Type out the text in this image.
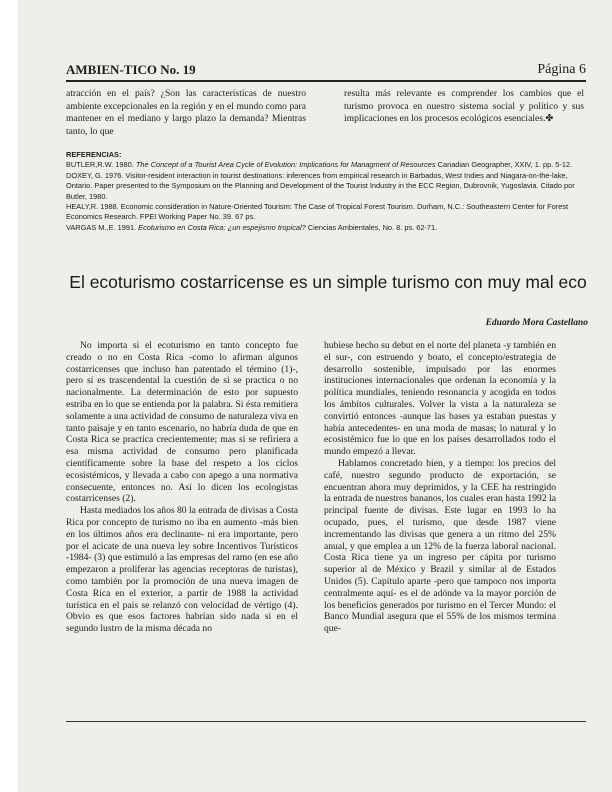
AMBIEN-TICO No. 19	Página 6

atracción en el país? ¿Son las características de nuestro ambiente excepcionales en la región y en el mundo como para mantener en el mediano y largo plazo la demanda? Mientras tanto, lo que

resulta más relevante es comprender los cambios que el turismo provoca en nuestro sistema social y político y sus implicaciones en los procesos ecológicos esenciales.✤

REFERENCIAS:

BUTLER,R.W. 1980. The Concept of a Tourist Area Cycle of Evolution: Implications for Managment of Resources Canadian Geographer, XXIV, 1. pp. 5-12.

DOXEY, G. 1976. Visitor-resident interaction in tourist destinations: inferences from empirical research in Barbados, West Indies and Niagara-on-the-lake, Ontario. Paper presented to the Symposium on the Planning and Development of the Tourist Industry in the ECC Region, Dubrovnik, Yugoslavia. Citado por Butler, 1980.

HEALY,R. 1988. Economic consideration in Nature-Oriented Tourism: The Case of Tropical Forest Tourism. Durham, N.C.: Southeastern Center for Forest Economics Research. FPEI Working Paper No. 39. 67 ps.

VARGAS M.,E. 1991. Ecoturismo en Costa Rica: ¿un espejismo tropical? Ciencias Ambientales, No. 8. ps. 62-71.

El ecoturismo costarricense es un simple turismo con muy mal eco
Eduardo Mora Castellano

No importa si el ecoturismo en tanto concepto fue creado o no en Costa Rica -como lo afirman algunos costarricenses que incluso han patentado el término (1)-, pero sí es trascendental la cuestión de si se practica o no nacionalmente. La determinación de esto por supuesto estriba en lo que se entienda por la palabra. Si ésta remitiera solamente a una actividad de consumo de naturaleza viva en tanto paisaje y en tanto escenario, no habría duda de que en Costa Rica se practica crecientemente; mas si se refiriera a esa misma actividad de consumo pero planificada científicamente sobre la base del respeto a los ciclos ecosistémicos, y llevada a cabo con apego a una normativa consecuente, entonces no. Así lo dicen los ecologistas costarricenses (2).

Hasta mediados los años 80 la entrada de divisas a Costa Rica por concepto de turismo no iba en aumento -más bien en los últimos años era declinante- ni era importante, pero por el acicate de una nueva ley sobre Incentivos Turísticos -1984- (3) que estimuló a las empresas del ramo (en ese año empezaron a proliferar las agencias receptoras de turistas), como también por la promoción de una nueva imagen de Costa Rica en el exterior, a partir de 1988 la actividad turística en el país se relanzó con velocidad de vértigo (4). Obvio es que esos factores habrían sido nada si en el segundo lustro de la misma década no

hubiese hecho su debut en el norte del planeta -y también en el sur-, con estruendo y boato, el concepto/estrategia de desarrollo sostenible, impulsado por las enormes instituciones internacionales que ordenan la economía y la política mundiales, teniendo resonancia y acogida en todos los ámbitos culturales. Volver la vista a la naturaleza se convirtió entonces -aunque las bases ya estaban puestas y había antecedentes- en una moda de masas; lo natural y lo ecosistémico fue lo que en los países desarrollados todo el mundo empezó a llevar.

Hablamos concretado bien, y a tiempo: los precios del café, nuestro segundo producto de exportación, se encuentran ahora muy deprimidos, y la CEE ha restringido la entrada de nuestros bananos, los cuales eran hasta 1992 la principal fuente de divisas. Este lugar en 1993 lo ha ocupado, pues, el turismo, que desde 1987 viene incrementando las divisas que genera a un ritmo del 25% anual, y que emplea a un 12% de la fuerza laboral nacional. Costa Rica tiene ya un ingreso per cápita por turismo superior al de México y Brazil y similar al de Estados Unidos (5). Capítulo aparte -pero que tampoco nos importa centralmente aquí- es el de adónde va la mayor porción de los beneficios generados por turismo en el Tercer Mundo: el Banco Mundial asegura que el 55% de los mismos termina que-
